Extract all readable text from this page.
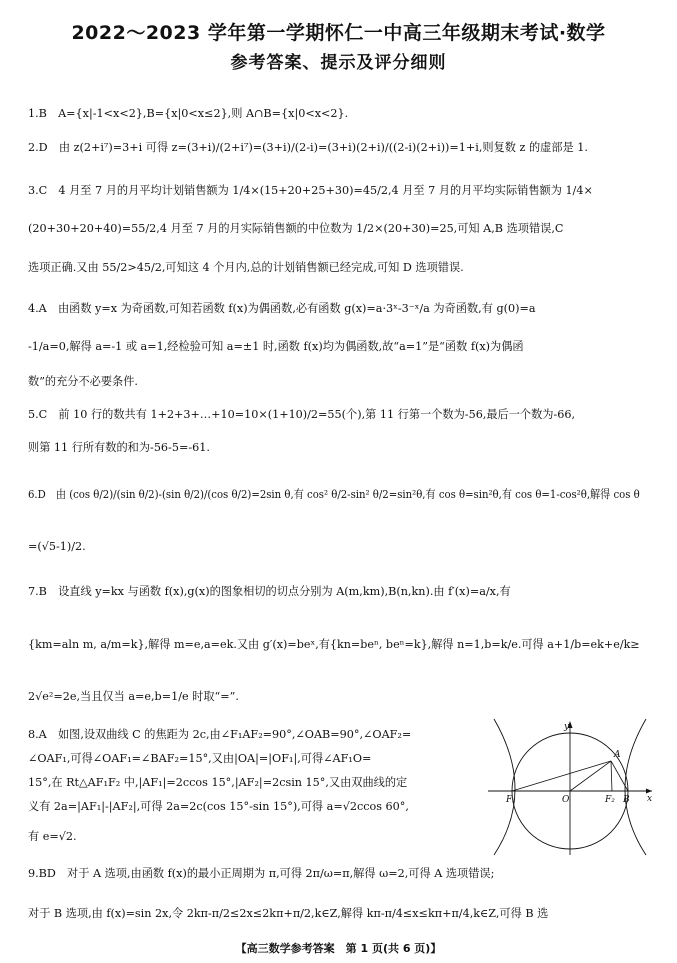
2022～2023 学年第一学期怀仁一中高三年级期末考试·数学
参考答案、提示及评分细则
1.B　A={x|-1<x<2},B={x|0<x≤2},则 A∩B={x|0<x<2}.
2.D　由 z(2+i⁷)=3+i 可得 z=(3+i)/(2+i⁷)=(3+i)/(2-i)=(3+i)(2+i)/((2-i)(2+i))=1+i,则复数 z 的虚部是 1.
3.C　4 月至 7 月的月平均计划销售额为 1/4×(15+20+25+30)=45/2,4 月至 7 月的月平均实际销售额为 1/4×
(20+30+20+40)=55/2,4 月至 7 月的月实际销售额的中位数为 1/2×(20+30)=25,可知 A,B 选项错误,C
选项正确.又由 55/2>45/2,可知这 4 个月内,总的计划销售额已经完成,可知 D 选项错误.
4.A　由函数 y=x 为奇函数,可知若函数 f(x)为偶函数,必有函数 g(x)=a·3ˣ-3⁻ˣ/a 为奇函数,有 g(0)=a
-1/a=0,解得 a=-1 或 a=1,经检验可知 a=±1 时,函数 f(x)均为偶函数,故“a=1”是“函数 f(x)为偶函
数”的充分不必要条件.
5.C　前 10 行的数共有 1+2+3+…+10=10×(1+10)/2=55(个),第 11 行第一个数为-56,最后一个数为-66,
则第 11 行所有数的和为-56-5=-61.
6.D　由 (cos θ/2)/(sin θ/2)-(sin θ/2)/(cos θ/2)=2sin θ,有 cos² θ/2-sin² θ/2=sin²θ,有 cos θ=sin²θ,有 cos θ=1-cos²θ,解得 cos θ
=(√5-1)/2.
7.B　设直线 y=kx 与函数 f(x),g(x)的图象相切的切点分别为 A(m,km),B(n,kn).由 f′(x)=a/x,有
{km=aln m, a/m=k},解得 m=e,a=ek.又由 g′(x)=beˣ,有{kn=beⁿ, beⁿ=k},解得 n=1,b=k/e.可得 a+1/b=ek+e/k≥
2√e²=2e,当且仅当 a=e,b=1/e 时取“=”.
8.A　如图,设双曲线 C 的焦距为 2c,由∠F₁AF₂=90°,∠OAB=90°,∠OAF₂=
∠OAF₁,可得∠OAF₁=∠BAF₂=15°,又由|OA|=|OF₁|,可得∠AF₁O=
15°,在 Rt△AF₁F₂ 中,|AF₁|=2ccos 15°,|AF₂|=2csin 15°,又由双曲线的定
义有 2a=|AF₁|-|AF₂|,可得 2a=2c(cos 15°-sin 15°),可得 a=√2ccos 60°,
有 e=√2.
9.BD　对于 A 选项,由函数 f(x)的最小正周期为 π,可得 2π/ω=π,解得 ω=2,可得 A 选项错误;
对于 B 选项,由 f(x)=sin 2x,令 2kπ-π/2≤2x≤2kπ+π/2,k∈Z,解得 kπ-π/4≤x≤kπ+π/4,k∈Z,可得 B 选
y
x
A
O
F₁	F₂ B
【高三数学参考答案　第 1 页(共 6 页)】
